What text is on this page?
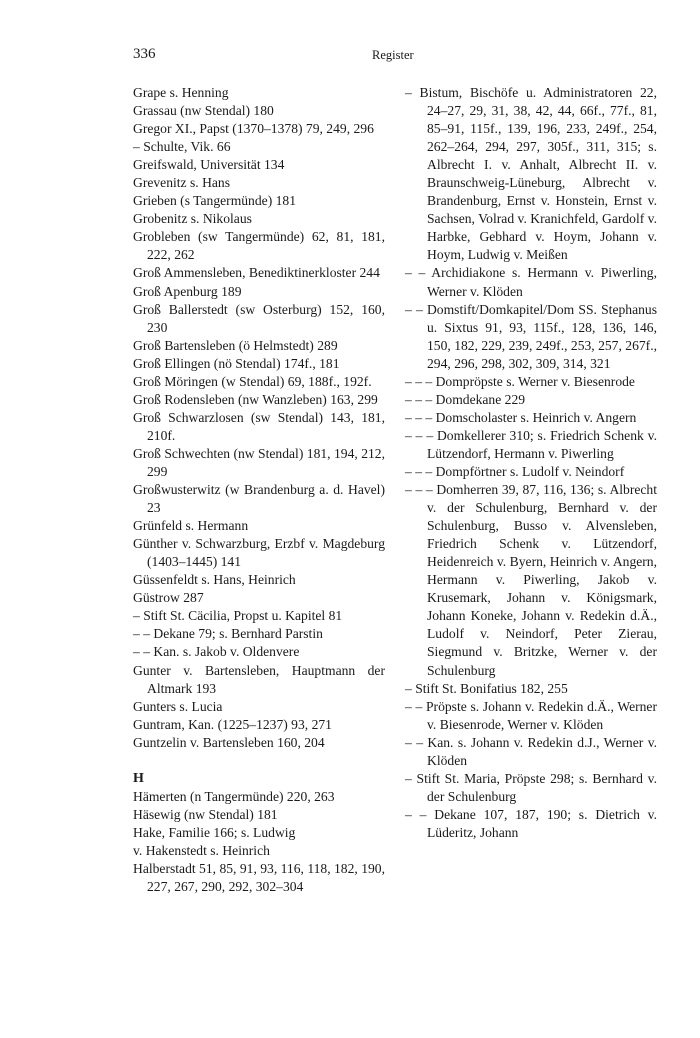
336	Register
Grape s. Henning
Grassau (nw Stendal) 180
Gregor XI., Papst (1370–1378) 79, 249, 296
– Schulte, Vik. 66
Greifswald, Universität 134
Grevenitz s. Hans
Grieben (s Tangermünde) 181
Grobenitz s. Nikolaus
Grobleben (sw Tangermünde) 62, 81, 181, 222, 262
Groß Ammensleben, Benediktinerkloster 244
Groß Apenburg 189
Groß Ballerstedt (sw Osterburg) 152, 160, 230
Groß Bartensleben (ö Helmstedt) 289
Groß Ellingen (nö Stendal) 174f., 181
Groß Möringen (w Stendal) 69, 188f., 192f.
Groß Rodensleben (nw Wanzleben) 163, 299
Groß Schwarzlosen (sw Stendal) 143, 181, 210f.
Groß Schwechten (nw Stendal) 181, 194, 212, 299
Großwusterwitz (w Brandenburg a. d. Havel) 23
Grünfeld s. Hermann
Günther v. Schwarzburg, Erzbf v. Magdeburg (1403–1445) 141
Güssenfeldt s. Hans, Heinrich
Güstrow 287
– Stift St. Cäcilia, Propst u. Kapitel 81
– – Dekane 79; s. Bernhard Parstin
– – Kan. s. Jakob v. Oldenvere
Gunter v. Bartensleben, Hauptmann der Altmark 193
Gunters s. Lucia
Guntram, Kan. (1225–1237) 93, 271
Guntzelin v. Bartensleben 160, 204
H
Hämerten (n Tangermünde) 220, 263
Häsewig (nw Stendal) 181
Hake, Familie 166; s. Ludwig
v. Hakenstedt s. Heinrich
Halberstadt 51, 85, 91, 93, 116, 118, 182, 190, 227, 267, 290, 292, 302–304
– Bistum, Bischöfe u. Administratoren 22, 24–27, 29, 31, 38, 42, 44, 66f., 77f., 81, 85–91, 115f., 139, 196, 233, 249f., 254, 262–264, 294, 297, 305f., 311, 315; s. Albrecht I. v. Anhalt, Albrecht II. v. Braunschweig-Lüneburg, Albrecht v. Brandenburg, Ernst v. Honstein, Ernst v. Sachsen, Volrad v. Kranichfeld, Gardolf v. Harbke, Gebhard v. Hoym, Johann v. Hoym, Ludwig v. Meißen
– – Archidiakone s. Hermann v. Piwerling, Werner v. Klöden
– – Domstift/Domkapitel/Dom SS. Stephanus u. Sixtus 91, 93, 115f., 128, 136, 146, 150, 182, 229, 239, 249f., 253, 257, 267f., 294, 296, 298, 302, 309, 314, 321
– – – Dompröpste s. Werner v. Biesenrode
– – – Domdekane 229
– – – Domscholaster s. Heinrich v. Angern
– – – Domkellerer 310; s. Friedrich Schenk v. Lützendorf, Hermann v. Piwerling
– – – Dompförtner s. Ludolf v. Neindorf
– – – Domherren 39, 87, 116, 136; s. Albrecht v. der Schulenburg, Bernhard v. der Schulenburg, Busso v. Alvensleben, Friedrich Schenk v. Lützendorf, Heidenreich v. Byern, Heinrich v. Angern, Hermann v. Piwerling, Jakob v. Krusemark, Johann v. Königsmark, Johann Koneke, Johann v. Redekin d.Ä., Ludolf v. Neindorf, Peter Zierau, Siegmund v. Britzke, Werner v. der Schulenburg
– Stift St. Bonifatius 182, 255
– – Pröpste s. Johann v. Redekin d.Ä., Werner v. Biesenrode, Werner v. Klöden
– – Kan. s. Johann v. Redekin d.J., Werner v. Klöden
– Stift St. Maria, Pröpste 298; s. Bernhard v. der Schulenburg
– – Dekane 107, 187, 190; s. Dietrich v. Lüderitz, Johann
